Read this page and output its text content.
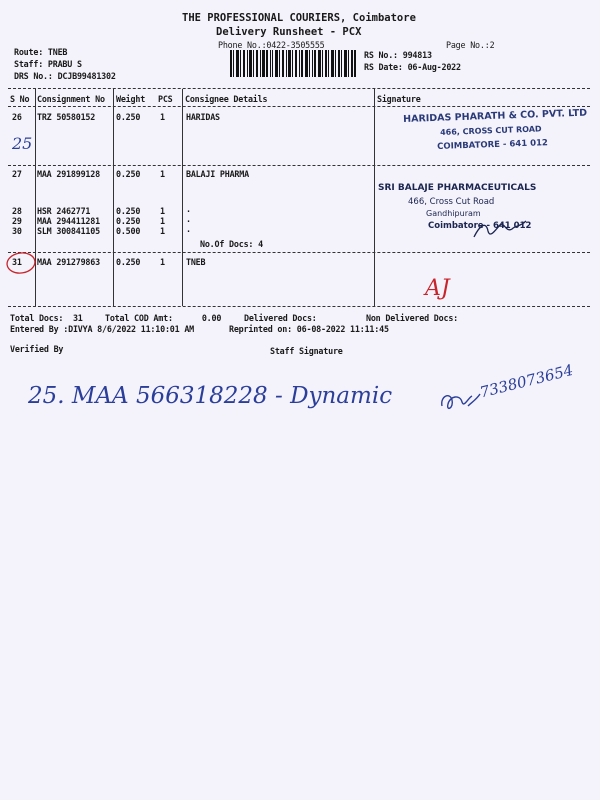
THE PROFESSIONAL COURIERS, Coimbatore
Delivery Runsheet - PCX
Phone No.:0422-3505555	Page No.:2
Route: TNEB
Staff: PRABU S
DRS No.: DCJB99481302
RS No.: 994813
RS Date: 06-Aug-2022
S No Consignment No Weight PCS Consignee Details	Signature
26 TRZ 50580152 0.250 1	HARIDAS
27 MAA 291899128 0.250 1	BALAJI PHARMA
28 HSR 2462771	0.250 1	.
29 MAA 294411281 0.250 1	.
30 SLM 300841105 0.500 1	.
No.Of Docs: 4
31 MAA 291279863 0.250 1	TNEB
HARIDAS PHARATH & CO. PVT. LTD
466, CROSS CUT ROAD
COIMBATORE - 641 012
SRI BALAJE PHARMACEUTICALS
466, Cross Cut Road
Gandhipuram
Coimbatore - 641 012
25
AJ
25. MAA 566318228 - Dynamic	7338073654
Total Docs:  31	Total COD Amt:      0.00	Delivered Docs:	Non Delivered Docs:
Entered By :DIVYA 8/6/2022 11:10:01 AM	Reprinted on: 06-08-2022 11:11:45
Verified By	Staff Signature
